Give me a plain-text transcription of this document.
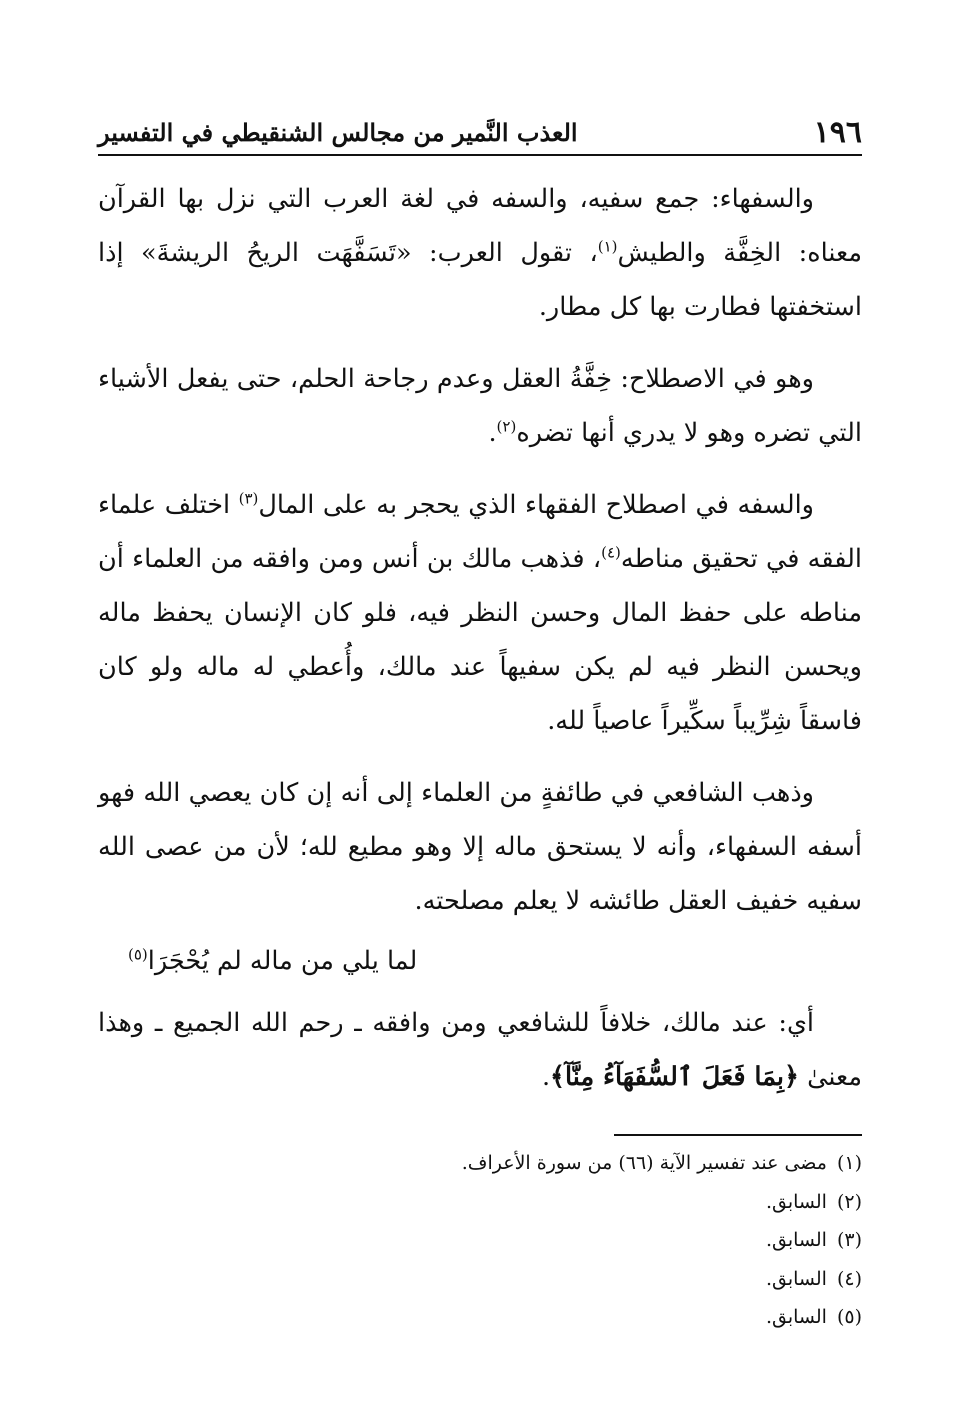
١٩٦
العذب النَّمير من مجالس الشنقيطي في التفسير

والسفهاء: جمع سفيه، والسفه في لغة العرب التي نزل بها القرآن معناه: الخِفَّة والطيش$^{(١)}$، تقول العرب: «تَسَفَّهَت الريحُ الريشةَ» إذا استخفتها فطارت بها كل مطار.

وهو في الاصطلاح: خِفَّةُ العقل وعدم رجاحة الحلم، حتى يفعل الأشياء التي تضره وهو لا يدري أنها تضره$^{(٢)}$.

والسفه في اصطلاح الفقهاء الذي يحجر به على المال$^{(٣)}$ اختلف علماء الفقه في تحقيق مناطه$^{(٤)}$، فذهب مالك بن أنس ومن وافقه من العلماء أن مناطه على حفظ المال وحسن النظر فيه، فلو كان الإنسان يحفظ ماله ويحسن النظر فيه لم يكن سفيهاً عند مالك، وأُعطي له ماله ولو كان فاسقاً شِرِّيباً سكِّيراً عاصياً لله.

وذهب الشافعي في طائفةٍ من العلماء إلى أنه إن كان يعصي الله فهو أسفه السفهاء، وأنه لا يستحق ماله إلا وهو مطيع لله؛ لأن من عصى الله سفيه خفيف العقل طائشه لا يعلم مصلحته.

لما يلي من ماله لم يُحْجَرَا$^{(٥)}$

أي: عند مالك، خلافاً للشافعي ومن وافقه ـ رحم الله الجميع ـ وهذا معنىٰ ﴿بِمَا فَعَلَ ٱلسُّفَهَآءُ مِنَّآ﴾.

(١)مضى عند تفسير الآية (٦٦) من سورة الأعراف.

(٢)السابق.

(٣)السابق.

(٤)السابق.

(٥)السابق.
